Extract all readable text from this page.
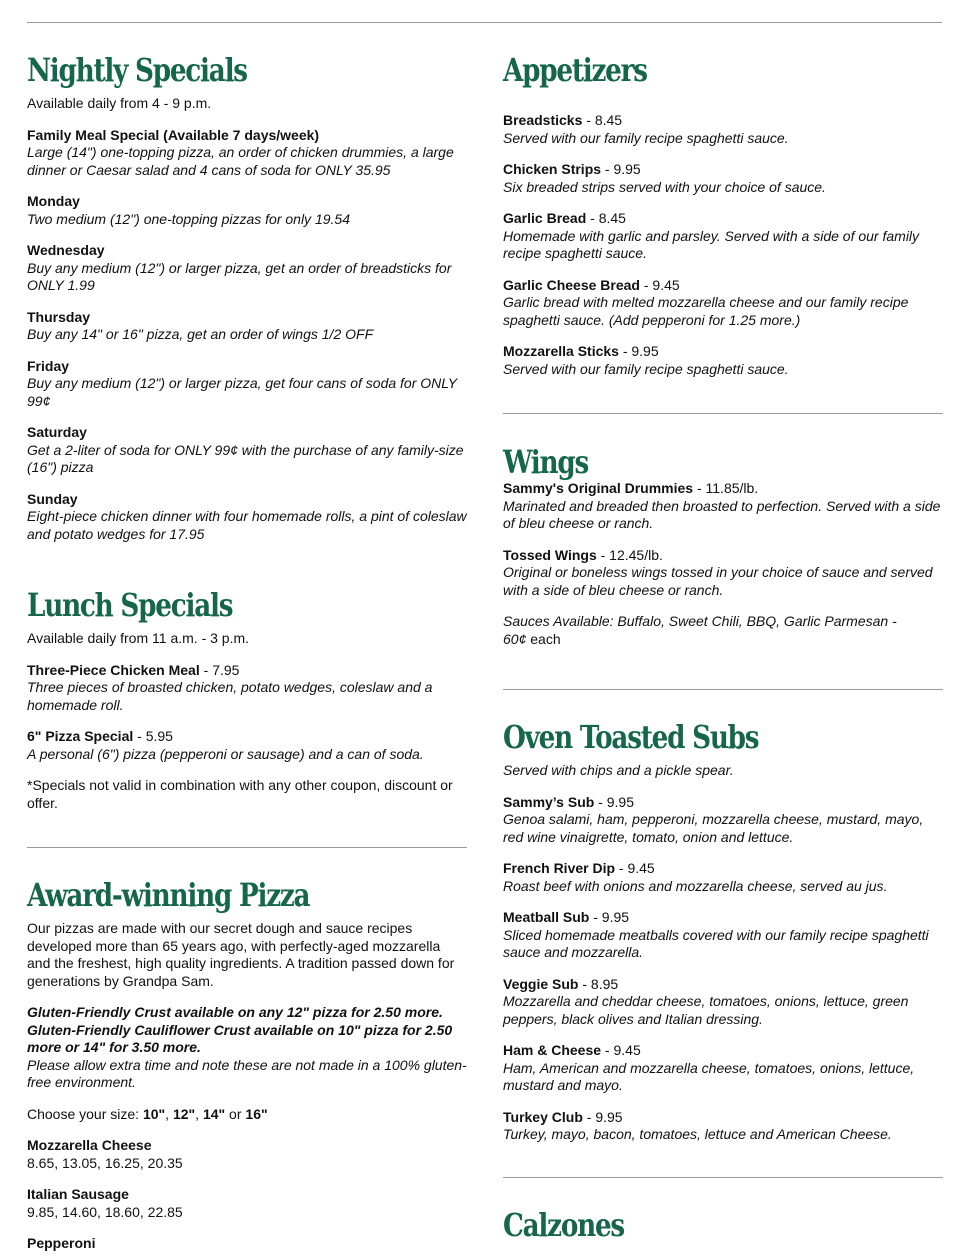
Nightly Specials

Available daily from 4 - 9 p.m.

Family Meal Special (Available 7 days/week)
Large (14") one-topping pizza, an order of chicken drummies, a large dinner or Caesar salad and 4 cans of soda for ONLY 35.95

Monday
Two medium (12") one-topping pizzas for only 19.54

Wednesday
Buy any medium (12") or larger pizza, get an order of breadsticks for ONLY 1.99

Thursday
Buy any 14" or 16" pizza, get an order of wings 1/2 OFF

Friday
Buy any medium (12") or larger pizza, get four cans of soda for ONLY 99¢

Saturday
Get a 2-liter of soda for ONLY 99¢ with the purchase of any family-size (16") pizza

Sunday
Eight-piece chicken dinner with four homemade rolls, a pint of coleslaw and potato wedges for 17.95

Lunch Specials

Available daily from 11 a.m. - 3 p.m.

Three-Piece Chicken Meal - 7.95
Three pieces of broasted chicken, potato wedges, coleslaw and a homemade roll.

6" Pizza Special - 5.95
A personal (6") pizza (pepperoni or sausage) and a can of soda.

*Specials not valid in combination with any other coupon, discount or offer.

Award-winning Pizza

Our pizzas are made with our secret dough and sauce recipes developed more than 65 years ago, with perfectly-aged mozzarella and the freshest, high quality ingredients. A tradition passed down for generations by Grandpa Sam.

Gluten-Friendly Crust available on any 12" pizza for 2.50 more.

Gluten-Friendly Cauliflower Crust available on 10" pizza for 2.50 more or 14" for 3.50 more.

Please allow extra time and note these are not made in a 100% gluten-free environment.

Choose your size: 10", 12", 14" or 16"

Mozzarella Cheese
8.65, 13.05, 16.25, 20.35

Italian Sausage
9.85, 14.60, 18.60, 22.85

Pepperoni

Appetizers

Breadsticks - 8.45
Served with our family recipe spaghetti sauce.

Chicken Strips - 9.95
Six breaded strips served with your choice of sauce.

Garlic Bread - 8.45
Homemade with garlic and parsley. Served with a side of our family recipe spaghetti sauce.

Garlic Cheese Bread - 9.45
Garlic bread with melted mozzarella cheese and our family recipe spaghetti sauce. (Add pepperoni for 1.25 more.)

Mozzarella Sticks - 9.95
Served with our family recipe spaghetti sauce.

Wings

Sammy's Original Drummies - 11.85/lb.
Marinated and breaded then broasted to perfection. Served with a side of bleu cheese or ranch.

Tossed Wings - 12.45/lb.
Original or boneless wings tossed in your choice of sauce and served with a side of bleu cheese or ranch.

Sauces Available: Buffalo, Sweet Chili, BBQ, Garlic Parmesan - 60¢ each

Oven Toasted Subs

Served with chips and a pickle spear.

Sammy’s Sub - 9.95
Genoa salami, ham, pepperoni, mozzarella cheese, mustard, mayo, red wine vinaigrette, tomato, onion and lettuce.

French River Dip - 9.45
Roast beef with onions and mozzarella cheese, served au jus.

Meatball Sub - 9.95
Sliced homemade meatballs covered with our family recipe spaghetti sauce and mozzarella.

Veggie Sub - 8.95
Mozzarella and cheddar cheese, tomatoes, onions, lettuce, green peppers, black olives and Italian dressing.

Ham & Cheese - 9.45
Ham, American and mozzarella cheese, tomatoes, onions, lettuce, mustard and mayo.

Turkey Club - 9.95
Turkey, mayo, bacon, tomatoes, lettuce and American Cheese.

Calzones
